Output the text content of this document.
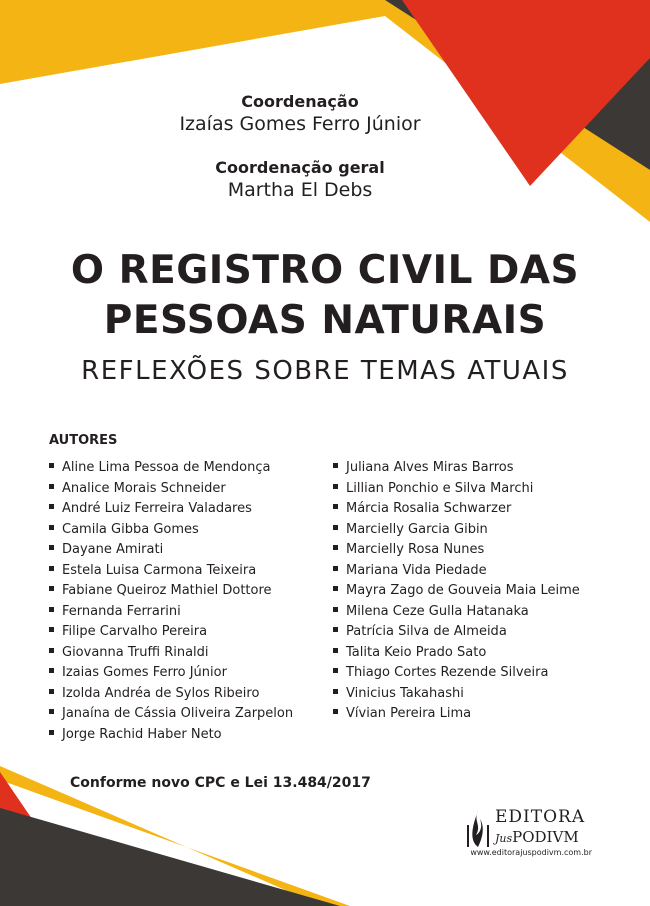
Coordenação
Izaías Gomes Ferro Júnior
Coordenação geral
Martha El Debs
O REGISTRO CIVIL DAS
PESSOAS NATURAIS
REFLEXÕES SOBRE TEMAS ATUAIS
AUTORES
Aline Lima Pessoa de Mendonça
Analice Morais Schneider
André Luiz Ferreira Valadares
Camila Gibba Gomes
Dayane Amirati
Estela Luisa Carmona Teixeira
Fabiane Queiroz Mathiel Dottore
Fernanda Ferrarini
Filipe Carvalho Pereira
Giovanna Truffi Rinaldi
Izaias Gomes Ferro Júnior
Izolda Andréa de Sylos Ribeiro
Janaína de Cássia Oliveira Zarpelon
Jorge Rachid Haber Neto
Juliana Alves Miras Barros
Lillian Ponchio e Silva Marchi
Márcia Rosalia Schwarzer
Marcielly Garcia Gibin
Marcielly Rosa Nunes
Mariana Vida Piedade
Mayra Zago de Gouveia Maia Leime
Milena Ceze Gulla Hatanaka
Patrícia Silva de Almeida
Talita Keio Prado Sato
Thiago Cortes Rezende Silveira
Vinicius Takahashi
Vívian Pereira Lima
Conforme novo CPC e Lei 13.484/2017
EDITORA
JusPODIVM
www.editorajuspodivm.com.br
